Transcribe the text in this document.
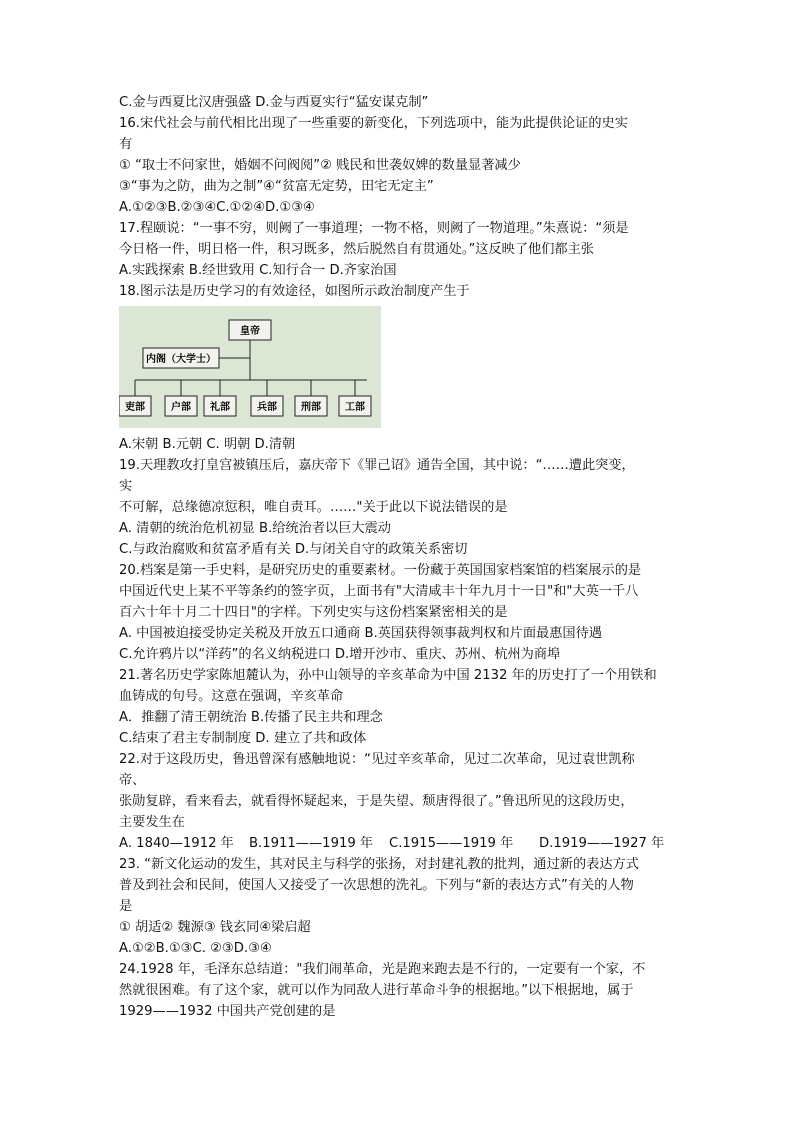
C.金与西夏比汉唐强盛 D.金与西夏实行“猛安谋克制”
16.宋代社会与前代相比出现了一些重要的新变化，下列选项中，能为此提供论证的史实
有
① “取士不问家世，婚姻不问阀阅”② 贱民和世袭奴婢的数量显著减少
③“事为之防，曲为之制”④“贫富无定势，田宅无定主”
A.①②③B.②③④C.①②④D.①③④
17.程颐说：“一事不穷，则阙了一事道理；一物不格，则阙了一物道理。”朱熹说：“须是
今日格一件，明日格一件，积习既多，然后脱然自有贯通处。”这反映了他们都主张
A.实践探索 B.经世致用 C.知行合一 D.齐家治国
18.图示法是历史学习的有效途径，如图所示政治制度产生于
皇帝
内阁（大学士）
吏部	户部 礼部	兵部 刑部 工部
A.宋朝 B.元朝 C. 明朝 D.清朝
19.天理教攻打皇宫被镇压后，嘉庆帝下《罪己诏》通告全国，其中说：“……遭此突变，
实
不可解，总缘德凉愆积，唯自责耳。……"关于此以下说法错误的是
A. 清朝的统治危机初显 B.给统治者以巨大震动
C.与政治腐败和贫富矛盾有关 D.与闭关自守的政策关系密切
20.档案是第一手史料，是研究历史的重要素材。一份藏于英国国家档案馆的档案展示的是
中国近代史上某不平等条约的签字页，上面书有"大清咸丰十年九月十一日"和"大英一千八
百六十年十月二十四日"的字样。下列史实与这份档案紧密相关的是
A. 中国被迫接受协定关税及开放五口通商 B.英国获得领事裁判权和片面最惠国待遇
C.允许鸦片以“洋药”的名义纳税进口 D.增开沙市、重庆、苏州、杭州为商埠
21.著名历史学家陈旭麓认为，孙中山领导的辛亥革命为中国 2132 年的历史打了一个用铁和
血铸成的句号。这意在强调，辛亥革命
A．推翻了清王朝统治 B.传播了民主共和理念
C.结束了君主专制制度 D. 建立了共和政体
22.对于这段历史，鲁迅曾深有感触地说：“见过辛亥革命，见过二次革命，见过袁世凯称
帝、
张勋复辟，看来看去，就看得怀疑起来，于是失望、颓唐得很了。”鲁迅所见的这段历史，
主要发生在
A. 1840—1912 年	B.1911——1919 年	C.1915——1919 年	D.1919——1927 年
23. “新文化运动的发生，其对民主与科学的张扬，对封建礼教的批判，通过新的表达方式
普及到社会和民间，使国人又接受了一次思想的洗礼。下列与“新的表达方式”有关的人物
是
① 胡适② 魏源③ 钱玄同④梁启超
A.①②B.①③C. ②③D.③④
24.1928 年，毛泽东总结道："我们闹革命，光是跑来跑去是不行的，一定要有一个家，不
然就很困难。有了这个家，就可以作为同敌人进行革命斗争的根据地。”以下根据地，属于
1929——1932 中国共产党创建的是
